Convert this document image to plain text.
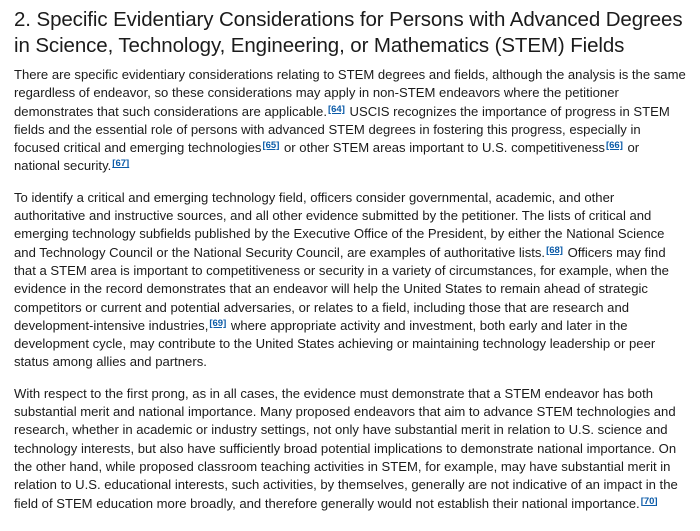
2. Specific Evidentiary Considerations for Persons with Advanced Degrees in Science, Technology, Engineering, or Mathematics (STEM) Fields

There are specific evidentiary considerations relating to STEM degrees and fields, although the analysis is the same regardless of endeavor, so these considerations may apply in non-STEM endeavors where the petitioner demonstrates that such considerations are applicable.[64] USCIS recognizes the importance of progress in STEM fields and the essential role of persons with advanced STEM degrees in fostering this progress, especially in focused critical and emerging technologies[65] or other STEM areas important to U.S. competitiveness[66] or national security.[67]

To identify a critical and emerging technology field, officers consider governmental, academic, and other authoritative and instructive sources, and all other evidence submitted by the petitioner. The lists of critical and emerging technology subfields published by the Executive Office of the President, by either the National Science and Technology Council or the National Security Council, are examples of authoritative lists.[68] Officers may find that a STEM area is important to competitiveness or security in a variety of circumstances, for example, when the evidence in the record demonstrates that an endeavor will help the United States to remain ahead of strategic competitors or current and potential adversaries, or relates to a field, including those that are research and development-intensive industries,[69] where appropriate activity and investment, both early and later in the development cycle, may contribute to the United States achieving or maintaining technology leadership or peer status among allies and partners.

With respect to the first prong, as in all cases, the evidence must demonstrate that a STEM endeavor has both substantial merit and national importance. Many proposed endeavors that aim to advance STEM technologies and research, whether in academic or industry settings, not only have substantial merit in relation to U.S. science and technology interests, but also have sufficiently broad potential implications to demonstrate national importance. On the other hand, while proposed classroom teaching activities in STEM, for example, may have substantial merit in relation to U.S. educational interests, such activities, by themselves, generally are not indicative of an impact in the field of STEM education more broadly, and therefore generally would not establish their national importance.[70]
